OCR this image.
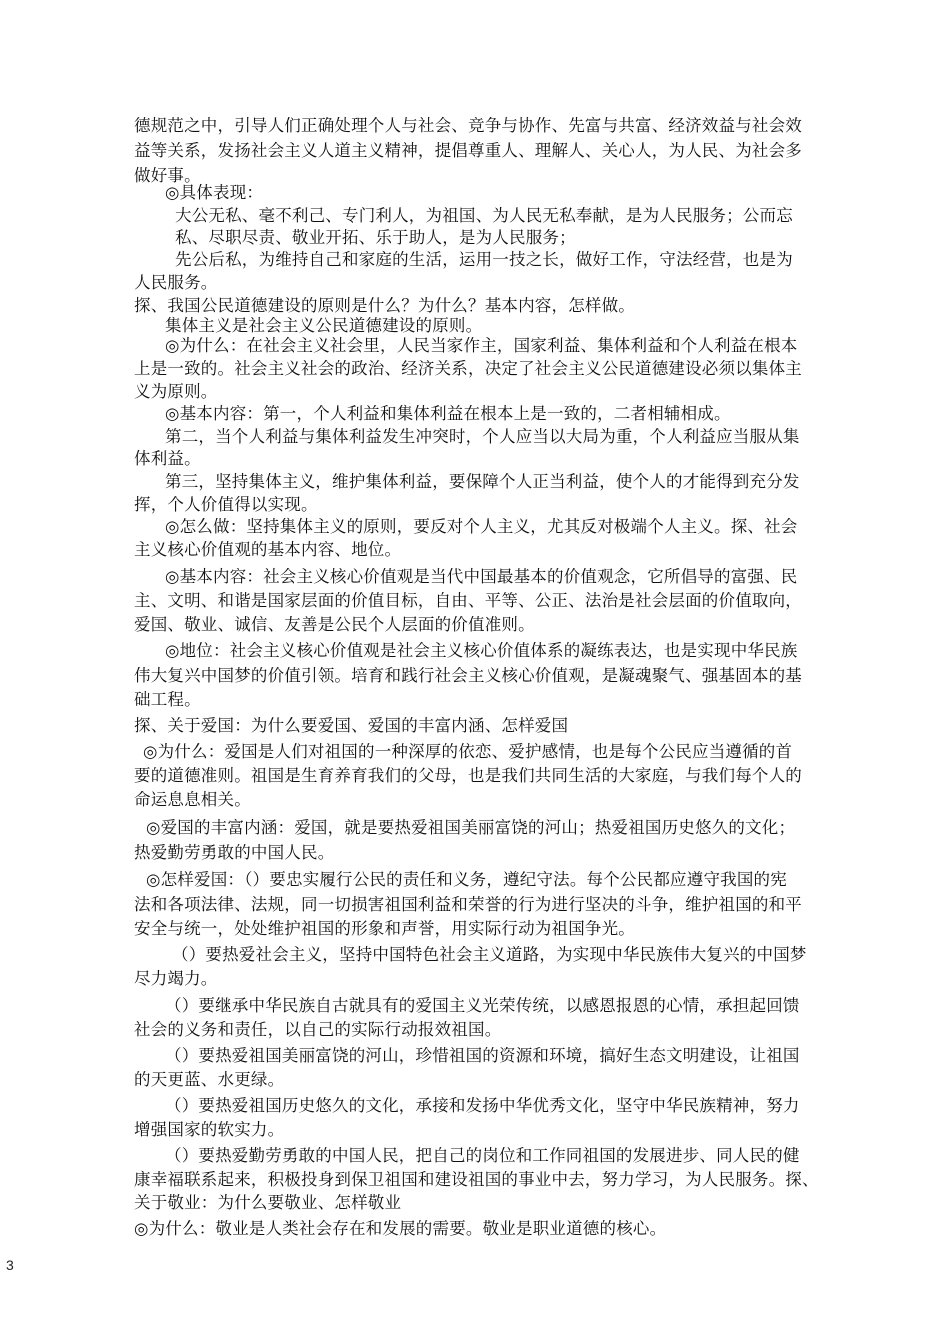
德规范之中，引导人们正确处理个人与社会、竞争与协作、先富与共富、经济效益与社会效
益等关系，发扬社会主义人道主义精神，提倡尊重人、理解人、关心人，为人民、为社会多
做好事。
◎具体表现：
大公无私、毫不利己、专门利人，为祖国、为人民无私奉献，是为人民服务；公而忘
私、尽职尽责、敬业开拓、乐于助人，是为人民服务；
先公后私，为维持自己和家庭的生活，运用一技之长，做好工作，守法经营，也是为
人民服务。
探、我国公民道德建设的原则是什么？为什么？基本内容，怎样做。
集体主义是社会主义公民道德建设的原则。
◎为什么：在社会主义社会里，人民当家作主，国家利益、集体利益和个人利益在根本
上是一致的。社会主义社会的政治、经济关系，决定了社会主义公民道德建设必须以集体主
义为原则。
◎基本内容：第一，个人利益和集体利益在根本上是一致的，二者相辅相成。
第二，当个人利益与集体利益发生冲突时，个人应当以大局为重，个人利益应当服从集
体利益。
第三，坚持集体主义，维护集体利益，要保障个人正当利益，使个人的才能得到充分发
挥，个人价值得以实现。
◎怎么做：坚持集体主义的原则，要反对个人主义，尤其反对极端个人主义。探、社会
主义核心价值观的基本内容、地位。
◎基本内容：社会主义核心价值观是当代中国最基本的价值观念，它所倡导的富强、民
主、文明、和谐是国家层面的价值目标，自由、平等、公正、法治是社会层面的价值取向，
爱国、敬业、诚信、友善是公民个人层面的价值准则。
◎地位：社会主义核心价值观是社会主义核心价值体系的凝练表达，也是实现中华民族
伟大复兴中国梦的价值引领。培育和践行社会主义核心价值观，是凝魂聚气、强基固本的基
础工程。
探、关于爱国：为什么要爱国、爱国的丰富内涵、怎样爱国
◎为什么：爱国是人们对祖国的一种深厚的依恋、爱护感情，也是每个公民应当遵循的首
要的道德准则。祖国是生育养育我们的父母，也是我们共同生活的大家庭，与我们每个人的
命运息息相关。
◎爱国的丰富内涵：爱国，就是要热爱祖国美丽富饶的河山；热爱祖国历史悠久的文化；
热爱勤劳勇敢的中国人民。
◎怎样爱国：（）要忠实履行公民的责任和义务，遵纪守法。每个公民都应遵守我国的宪
法和各项法律、法规，同一切损害祖国利益和荣誉的行为进行坚决的斗争，维护祖国的和平
安全与统一，处处维护祖国的形象和声誉，用实际行动为祖国争光。
（）要热爱社会主义，坚持中国特色社会主义道路，为实现中华民族伟大复兴的中国梦
尽力竭力。
（）要继承中华民族自古就具有的爱国主义光荣传统，以感恩报恩的心情，承担起回馈
社会的义务和责任，以自己的实际行动报效祖国。
（）要热爱祖国美丽富饶的河山，珍惜祖国的资源和环境，搞好生态文明建设，让祖国
的天更蓝、水更绿。
（）要热爱祖国历史悠久的文化，承接和发扬中华优秀文化，坚守中华民族精神，努力
增强国家的软实力。
（）要热爱勤劳勇敢的中国人民，把自己的岗位和工作同祖国的发展进步、同人民的健
康幸福联系起来，积极投身到保卫祖国和建设祖国的事业中去，努力学习，为人民服务。探、
关于敬业：为什么要敬业、怎样敬业
◎为什么：敬业是人类社会存在和发展的需要。敬业是职业道德的核心。
3
